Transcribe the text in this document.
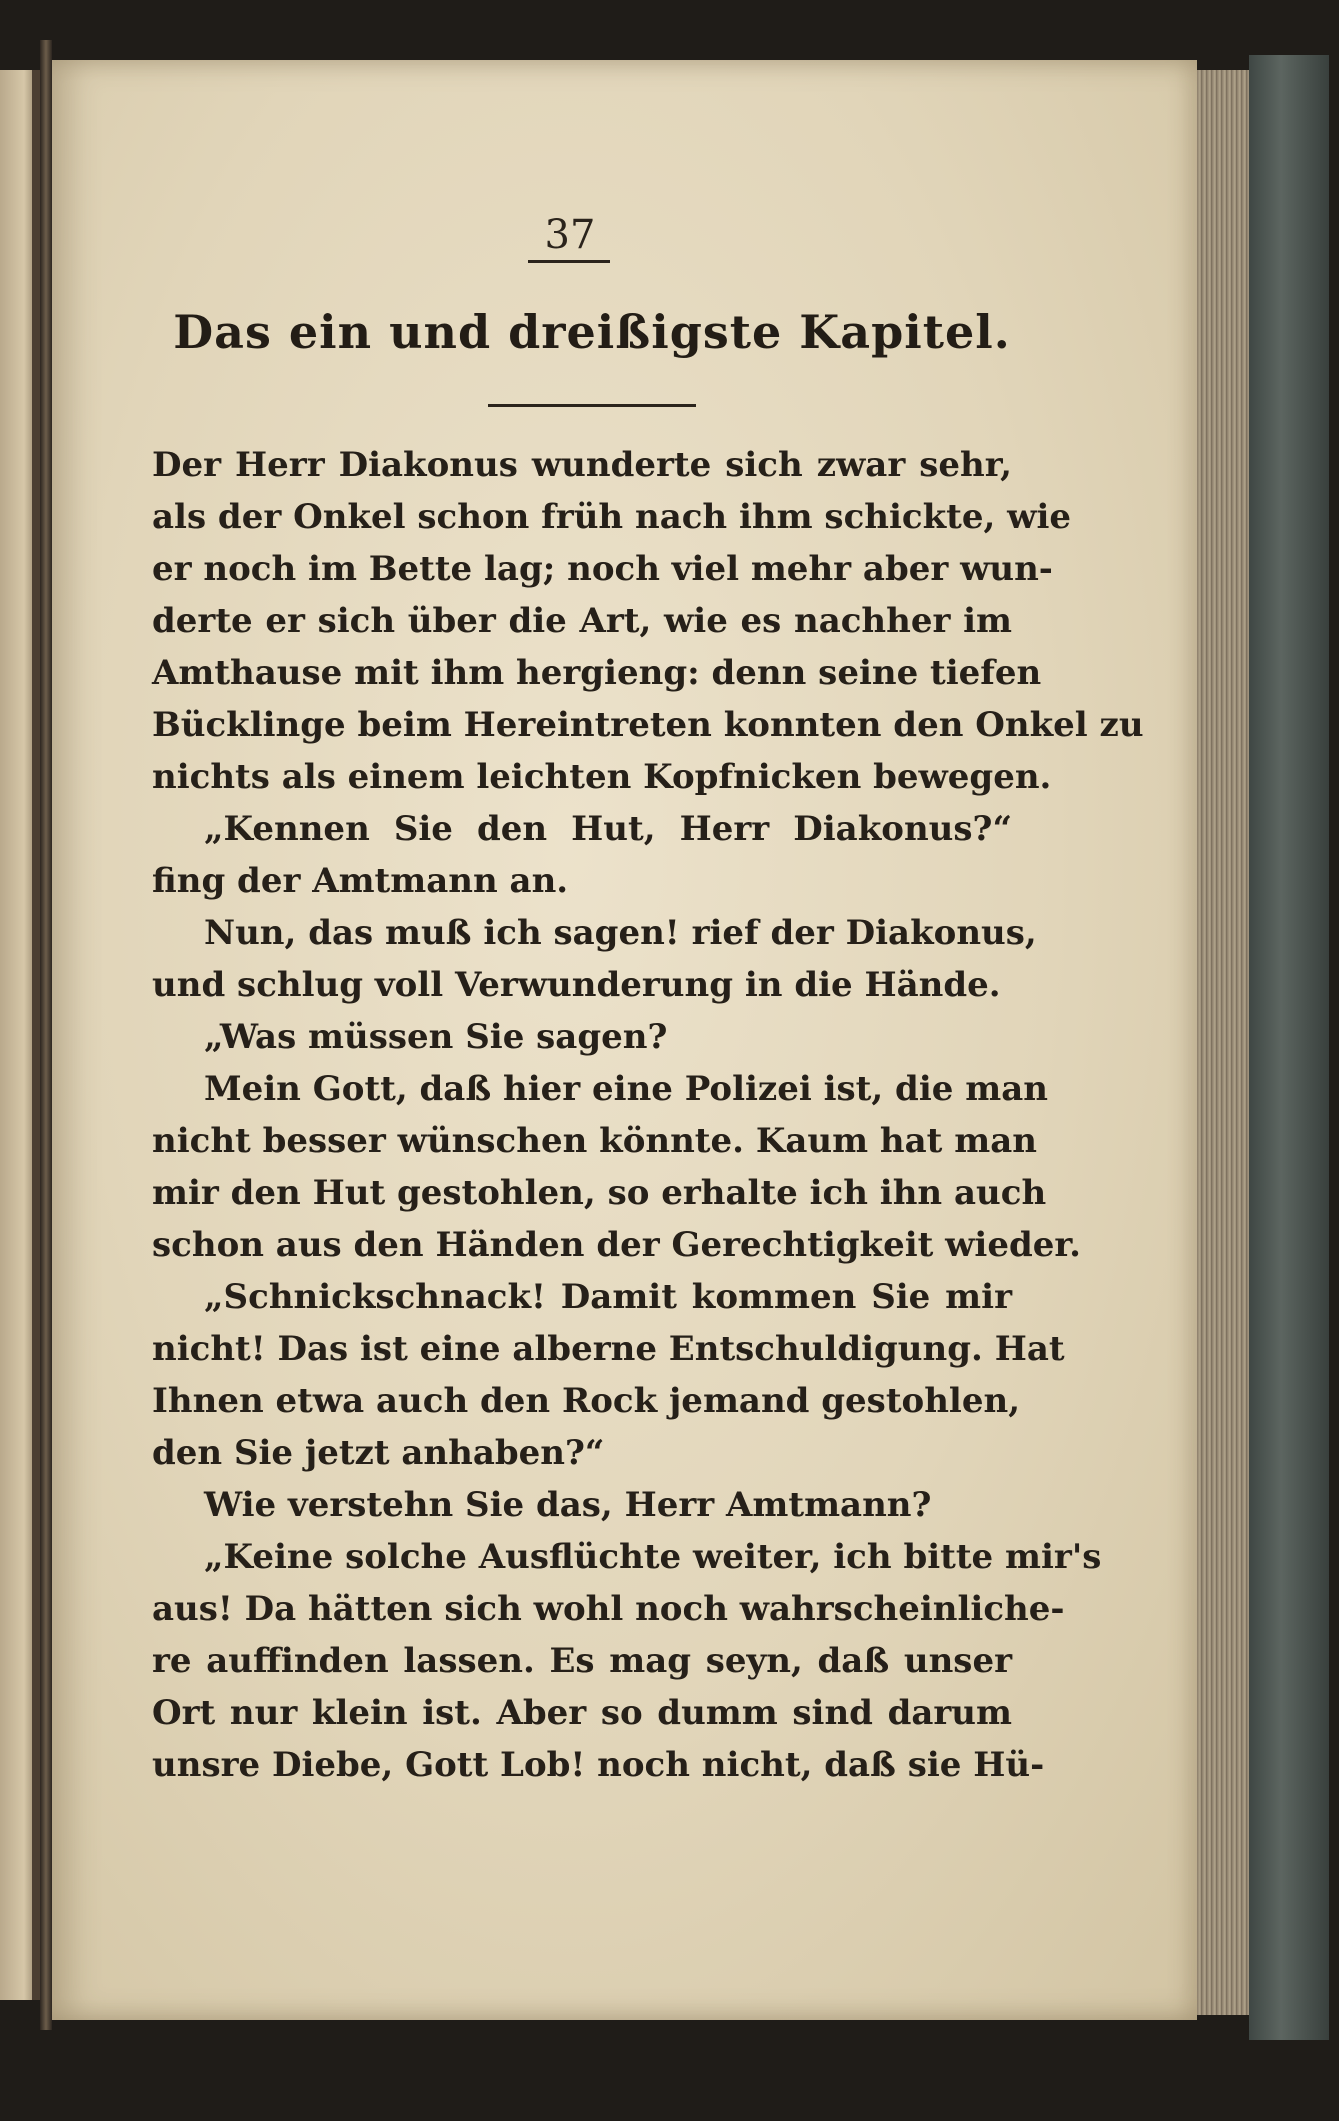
37
Das ein und dreißigste Kapitel.
Der Herr Diakonus wunderte sich zwar sehr,
als der Onkel schon früh nach ihm schickte, wie
er noch im Bette lag; noch viel mehr aber wun-
derte er sich über die Art, wie es nachher im
Amthause mit ihm hergieng: denn seine tiefen
Bücklinge beim Hereintreten konnten den Onkel zu
nichts als einem leichten Kopfnicken bewegen.
„Kennen Sie den Hut, Herr Diakonus?“
fing der Amtmann an.
Nun, das muß ich sagen! rief der Diakonus,
und schlug voll Verwunderung in die Hände.
„Was müssen Sie sagen?
Mein Gott, daß hier eine Polizei ist, die man
nicht besser wünschen könnte. Kaum hat man
mir den Hut gestohlen, so erhalte ich ihn auch
schon aus den Händen der Gerechtigkeit wieder.
„Schnickschnack! Damit kommen Sie mir
nicht! Das ist eine alberne Entschuldigung. Hat
Ihnen etwa auch den Rock jemand gestohlen,
den Sie jetzt anhaben?“
Wie verstehn Sie das, Herr Amtmann?
„Keine solche Ausflüchte weiter, ich bitte mir's
aus! Da hätten sich wohl noch wahrscheinliche-
re auffinden lassen. Es mag seyn, daß unser
Ort nur klein ist. Aber so dumm sind darum
unsre Diebe, Gott Lob! noch nicht, daß sie Hü-
